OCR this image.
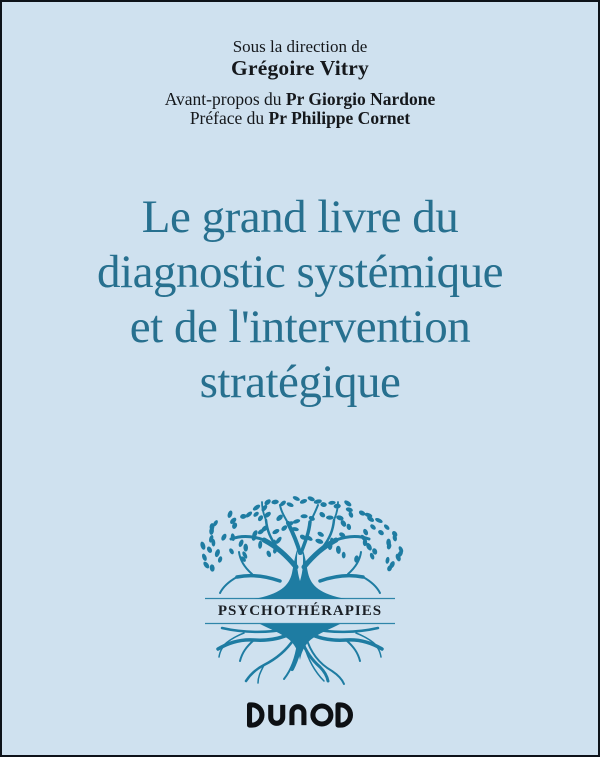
Sous la direction de
Grégoire Vitry
Avant-propos du Pr Giorgio Nardone
Préface du Pr Philippe Cornet
Le grand livre du
diagnostic systémique
et de l'intervention
stratégique
PSYCHOTHÉRAPIES
